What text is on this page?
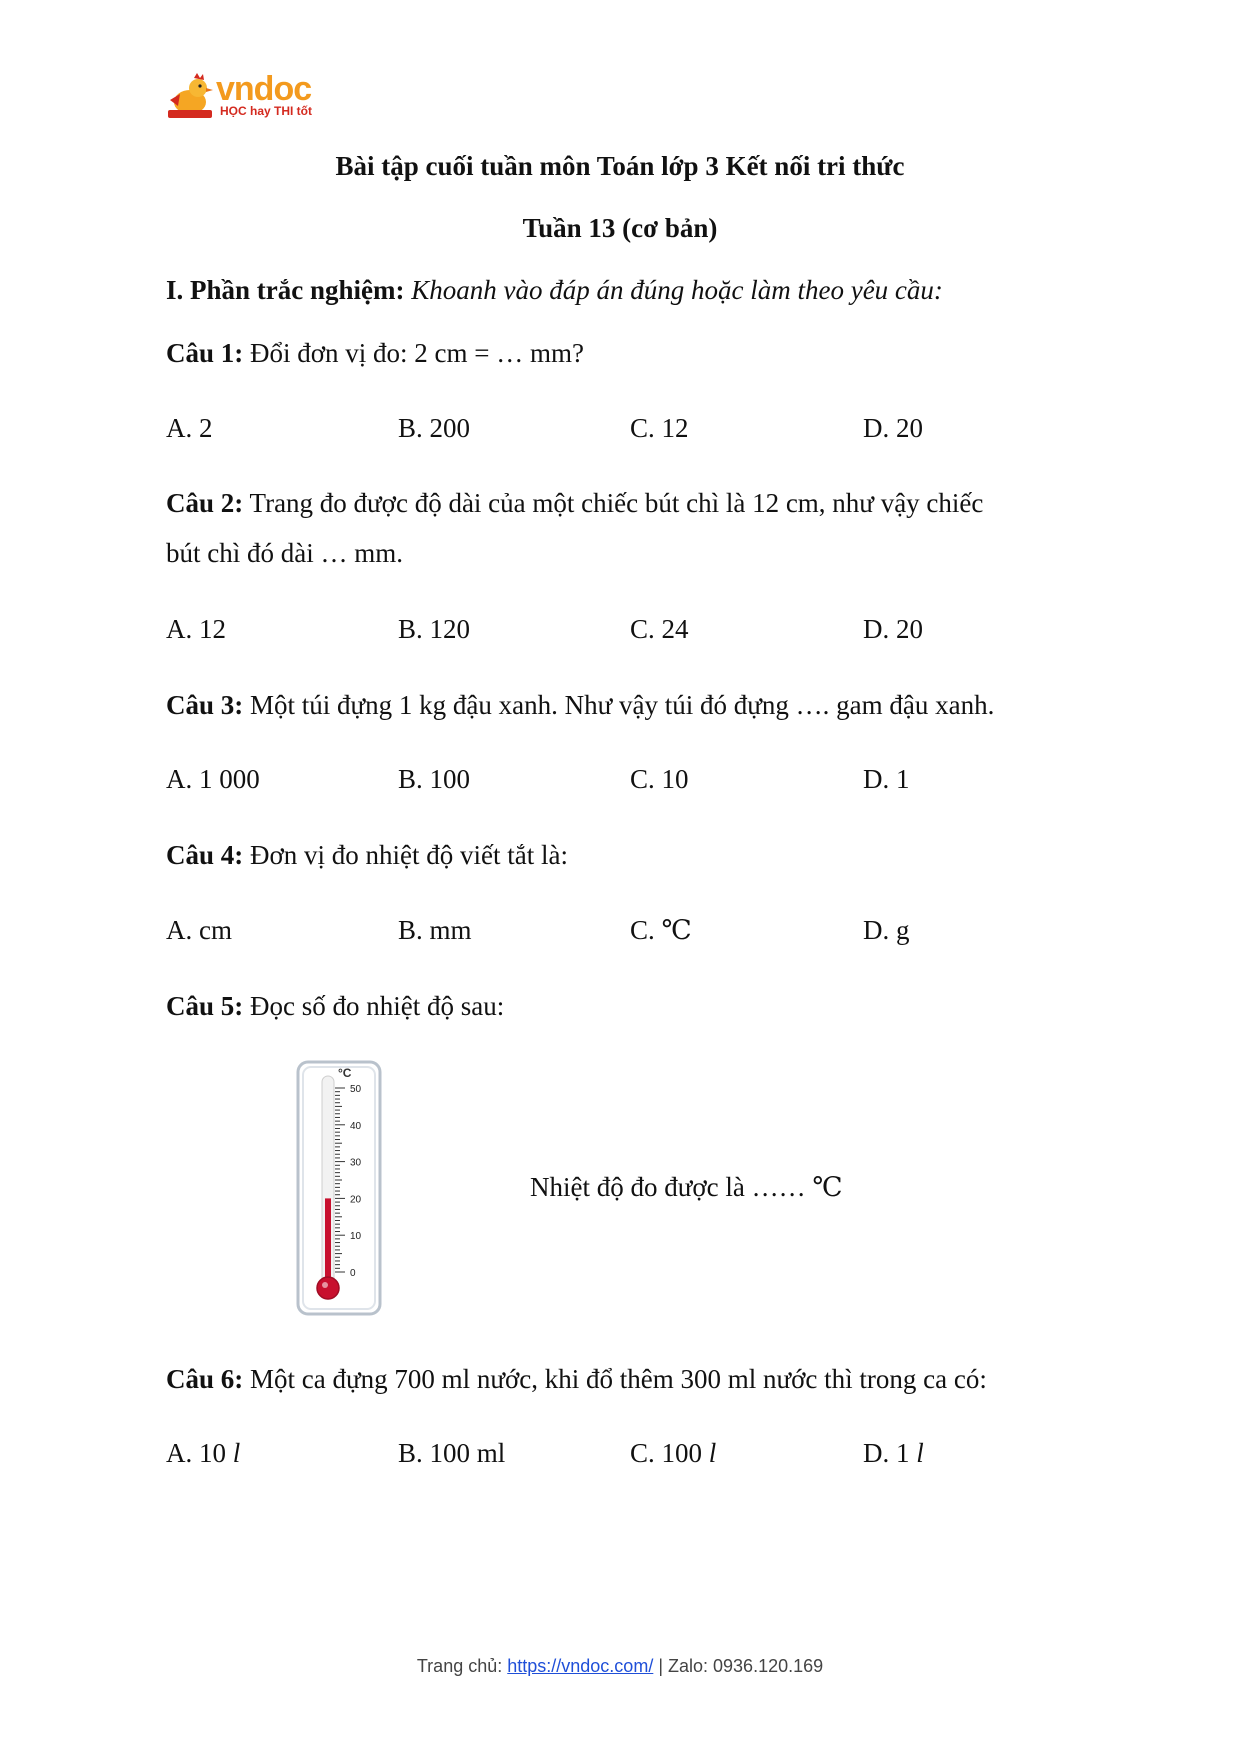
vndoc
HỌC hay THI tốt
Bài tập cuối tuần môn Toán lớp 3 Kết nối tri thức
Tuần 13 (cơ bản)
I. Phần trắc nghiệm: Khoanh vào đáp án đúng hoặc làm theo yêu cầu:
Câu 1: Đổi đơn vị đo: 2 cm = … mm?
A. 2	B. 200	C. 12	D. 20
Câu 2: Trang đo được độ dài của một chiếc bút chì là 12 cm, như vậy chiếc
bút chì đó dài … mm.
A. 12	B. 120	C. 24	D. 20
Câu 3: Một túi đựng 1 kg đậu xanh. Như vậy túi đó đựng …. gam đậu xanh.
A. 1 000	B. 100	C. 10	D. 1
Câu 4: Đơn vị đo nhiệt độ viết tắt là:
A. cm	B. mm	C. ℃	D. g
Câu 5: Đọc số đo nhiệt độ sau:
°C
50
40
30
20
10
0
Nhiệt độ đo được là …… ℃
Câu 6: Một ca đựng 700 ml nước, khi đổ thêm 300 ml nước thì trong ca có:
A. 10 l	B. 100 ml	C. 100 l	D. 1 l
Trang chủ: https://vndoc.com/ | Zalo: 0936.120.169
